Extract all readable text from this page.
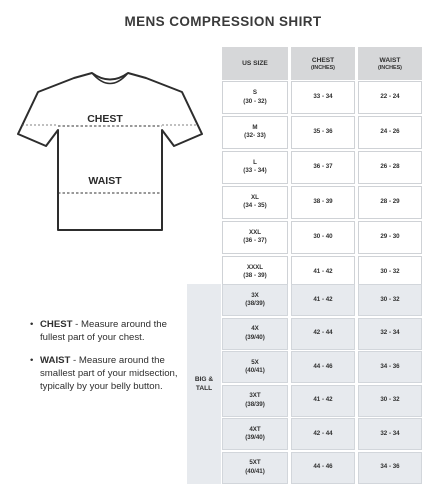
MENS COMPRESSION SHIRT
CHEST
WAIST
• CHEST - Measure around the fullest part of your chest.
• WAIST - Measure around the smallest part of your midsection, typically by your belly button.
US SIZE	CHEST
(INCHES)
WAIST
(INCHES)
S
(30 - 32)
33 - 34	22 - 24
M
(32- 33)
35 - 36	24 - 26
L
(33 - 34)
36 - 37	26 - 28
XL
(34 - 35)
38 - 39	28 - 29
XXL
(36 - 37)
30 - 40	29 - 30
XXXL
(38 - 39)
41 - 42	30 - 32
BIG &
TALL
3X
(38/39)
41 - 42	30 - 32
4X
(39/40)
42 - 44	32 - 34
5X
(40/41)
44 - 46	34 - 36
3XT
(38/39)
41 - 42	30 - 32
4XT
(39/40)
42 - 44	32 - 34
5XT
(40/41)
44 - 46	34 - 36
